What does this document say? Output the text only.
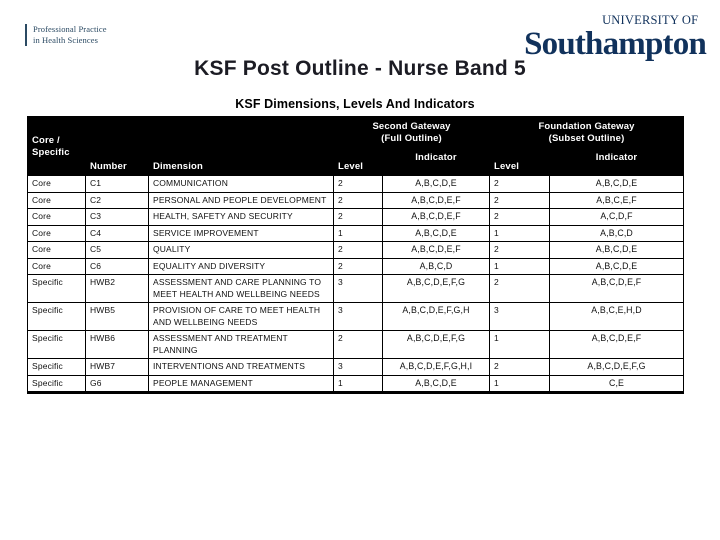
Professional Practice
in Health Sciences
UNIVERSITY OF
Southampton
KSF Post Outline - Nurse Band 5
KSF Dimensions, Levels And Indicators
Core /
Specific
	Number	Dimension	
Second Gateway
(Full Outline)

Foundation Gateway
(Subset Outline)

			Level	Indicator	Level	Indicator
Core	C1	COMMUNICATION	2	A,B,C,D,E	2	A,B,C,D,E
Core	C2	PERSONAL AND PEOPLE DEVELOPMENT	2	A,B,C,D,E,F	2	A,B,C,E,F
Core	C3	HEALTH, SAFETY AND SECURITY	2	A,B,C,D,E,F	2	A,C,D,F
Core	C4	SERVICE IMPROVEMENT	1	A,B,C,D,E	1	A,B,C,D
Core	C5	QUALITY	2	A,B,C,D,E,F	2	A,B,C,D,E
Core	C6	EQUALITY AND DIVERSITY	2	A,B,C,D	1	A,B,C,D,E
Specific	HWB2	ASSESSMENT AND CARE PLANNING TO MEET HEALTH AND WELLBEING NEEDS	3	A,B,C,D,E,F,G	2	A,B,C,D,E,F
Specific	HWB5	PROVISION OF CARE TO MEET HEALTH AND WELLBEING NEEDS	3	A,B,C,D,E,F,G,H	3	A,B,C,E,H,D
Specific	HWB6	ASSESSMENT AND TREATMENT PLANNING	2	A,B,C,D,E,F,G	1	A,B,C,D,E,F
Specific	HWB7	INTERVENTIONS AND TREATMENTS	3	A,B,C,D,E,F,G,H,I	2	A,B,C,D,E,F,G
Specific	G6	PEOPLE MANAGEMENT	1	A,B,C,D,E	1	C,E
